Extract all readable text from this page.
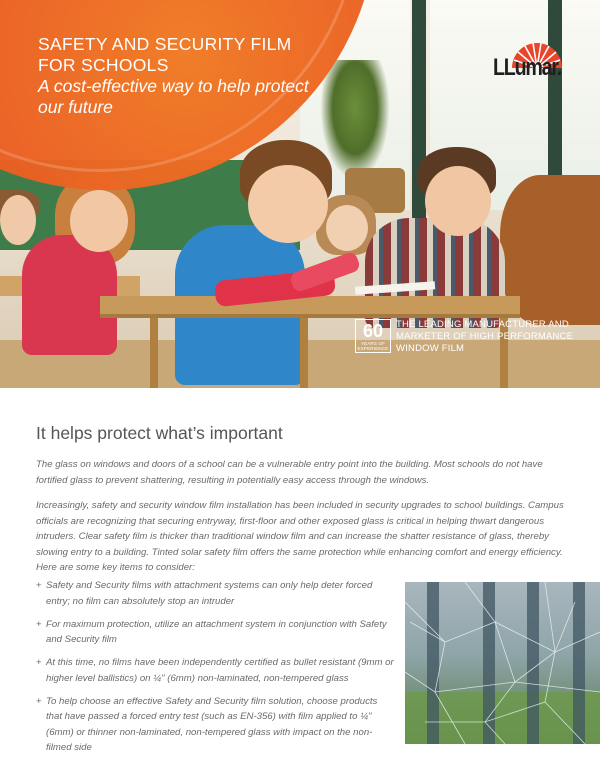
SAFETY AND SECURITY FILM FOR SCHOOLS
A cost-effective way to help protect our future
LLumar.
60
YEARS OF EXPERIENCE
THE LEADING MANUFACTURER AND MARKETER OF HIGH PERFORMANCE WINDOW FILM
It helps protect what’s important

The glass on windows and doors of a school can be a vulnerable entry point into the building. Most schools do not have fortified glass to prevent shattering, resulting in potentially easy access through the windows.

Increasingly, safety and security window film installation has been included in security upgrades to school buildings. Campus officials are recognizing that securing entryway, first-floor and other exposed glass is critical in helping thwart dangerous intruders. Clear safety film is thicker than traditional window film and can increase the shatter resistance of glass, thereby slowing entry to a building. Tinted solar safety film offers the same protection while enhancing comfort and energy efficiency. Here are some key items to consider:

+ Safety and Security films with attachment systems can only help deter forced entry; no film can absolutely stop an intruder
+ For maximum protection, utilize an attachment system in conjunction with Safety and Security film
+ At this time, no films have been independently certified as bullet resistant (9mm or higher level ballistics) on ¼" (6mm) non-laminated, non-tempered glass
+ To help choose an effective Safety and Security film solution, choose products that have passed a forced entry test (such as EN-356) with film applied to ¼" (6mm) or thinner non-laminated, non-tempered glass with impact on the non-filmed side
